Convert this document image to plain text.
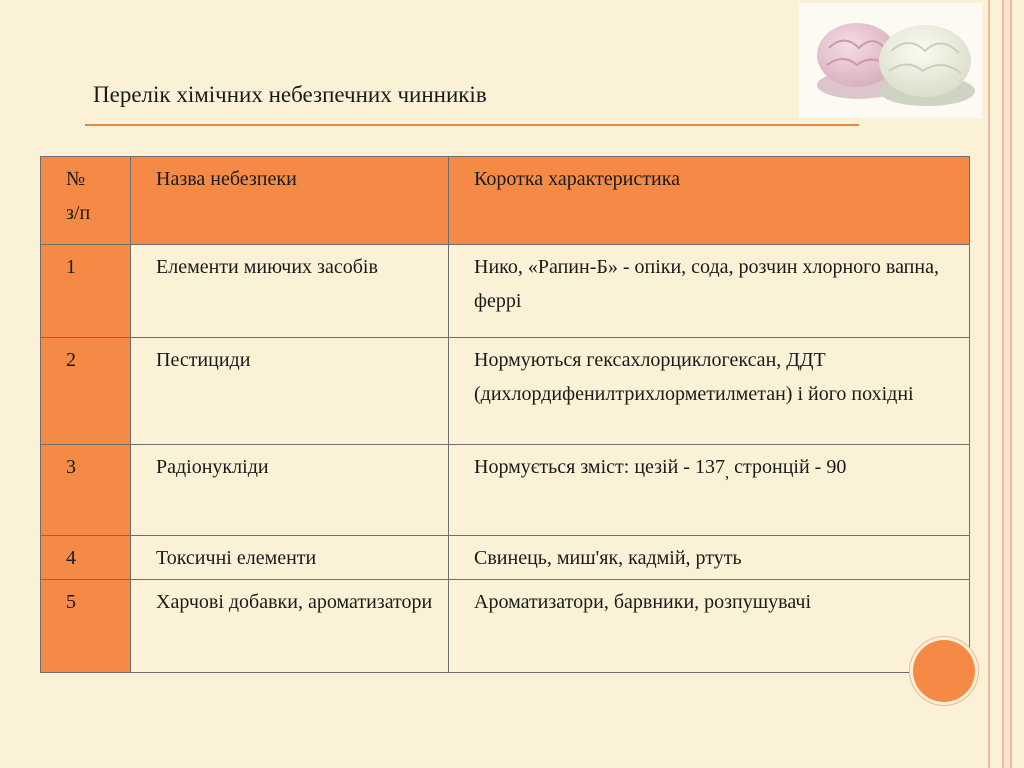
Перелік хімічних небезпечних чинників
№
з/п	Назва небезпеки	Коротка характеристика
1	Елементи миючих засобів	Нико, «Рапин-Б» - опіки, сода, розчин хлорного вапна, феррі
2	Пестициди	Нормуються гексахлорциклогексан, ДДТ (дихлордифенилтрихлорметилметан) і його похідні
3	Радіонукліди	Нормується зміст: цезій - $137_,$ стронцій - 90
4	Токсичні елементи	Свинець, миш'як, кадмій, ртуть
5	Харчові добавки, ароматизатори	Ароматизатори, барвники, розпушувачі
